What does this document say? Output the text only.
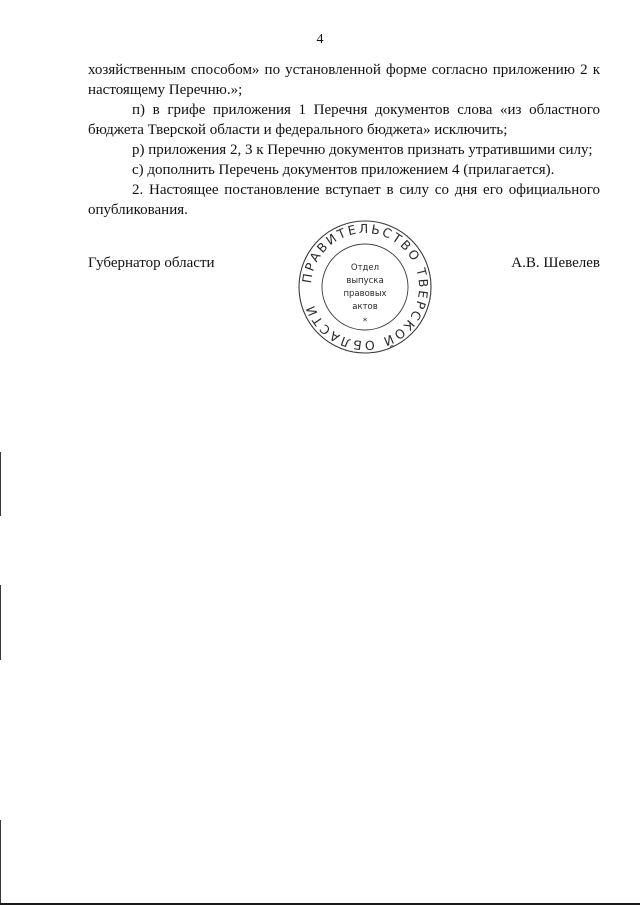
4

хозяйственным способом» по установленной форме согласно приложению 2 к настоящему Перечню.»;

п) в грифе приложения 1 Перечня документов слова «из областного бюджета Тверской области и федерального бюджета» исключить;

р) приложения 2, 3 к Перечню документов признать утратившими силу;

с) дополнить Перечень документов приложением 4 (прилагается).

2. Настоящее постановление вступает в силу со дня его официального опубликования.

Губернатор области	А.В. Шевелев
ПРАВИТЕЛЬСТВО ТВЕРСКОЙ ОБЛАСТИ
Отдел
выпуска
правовых
актов
*
